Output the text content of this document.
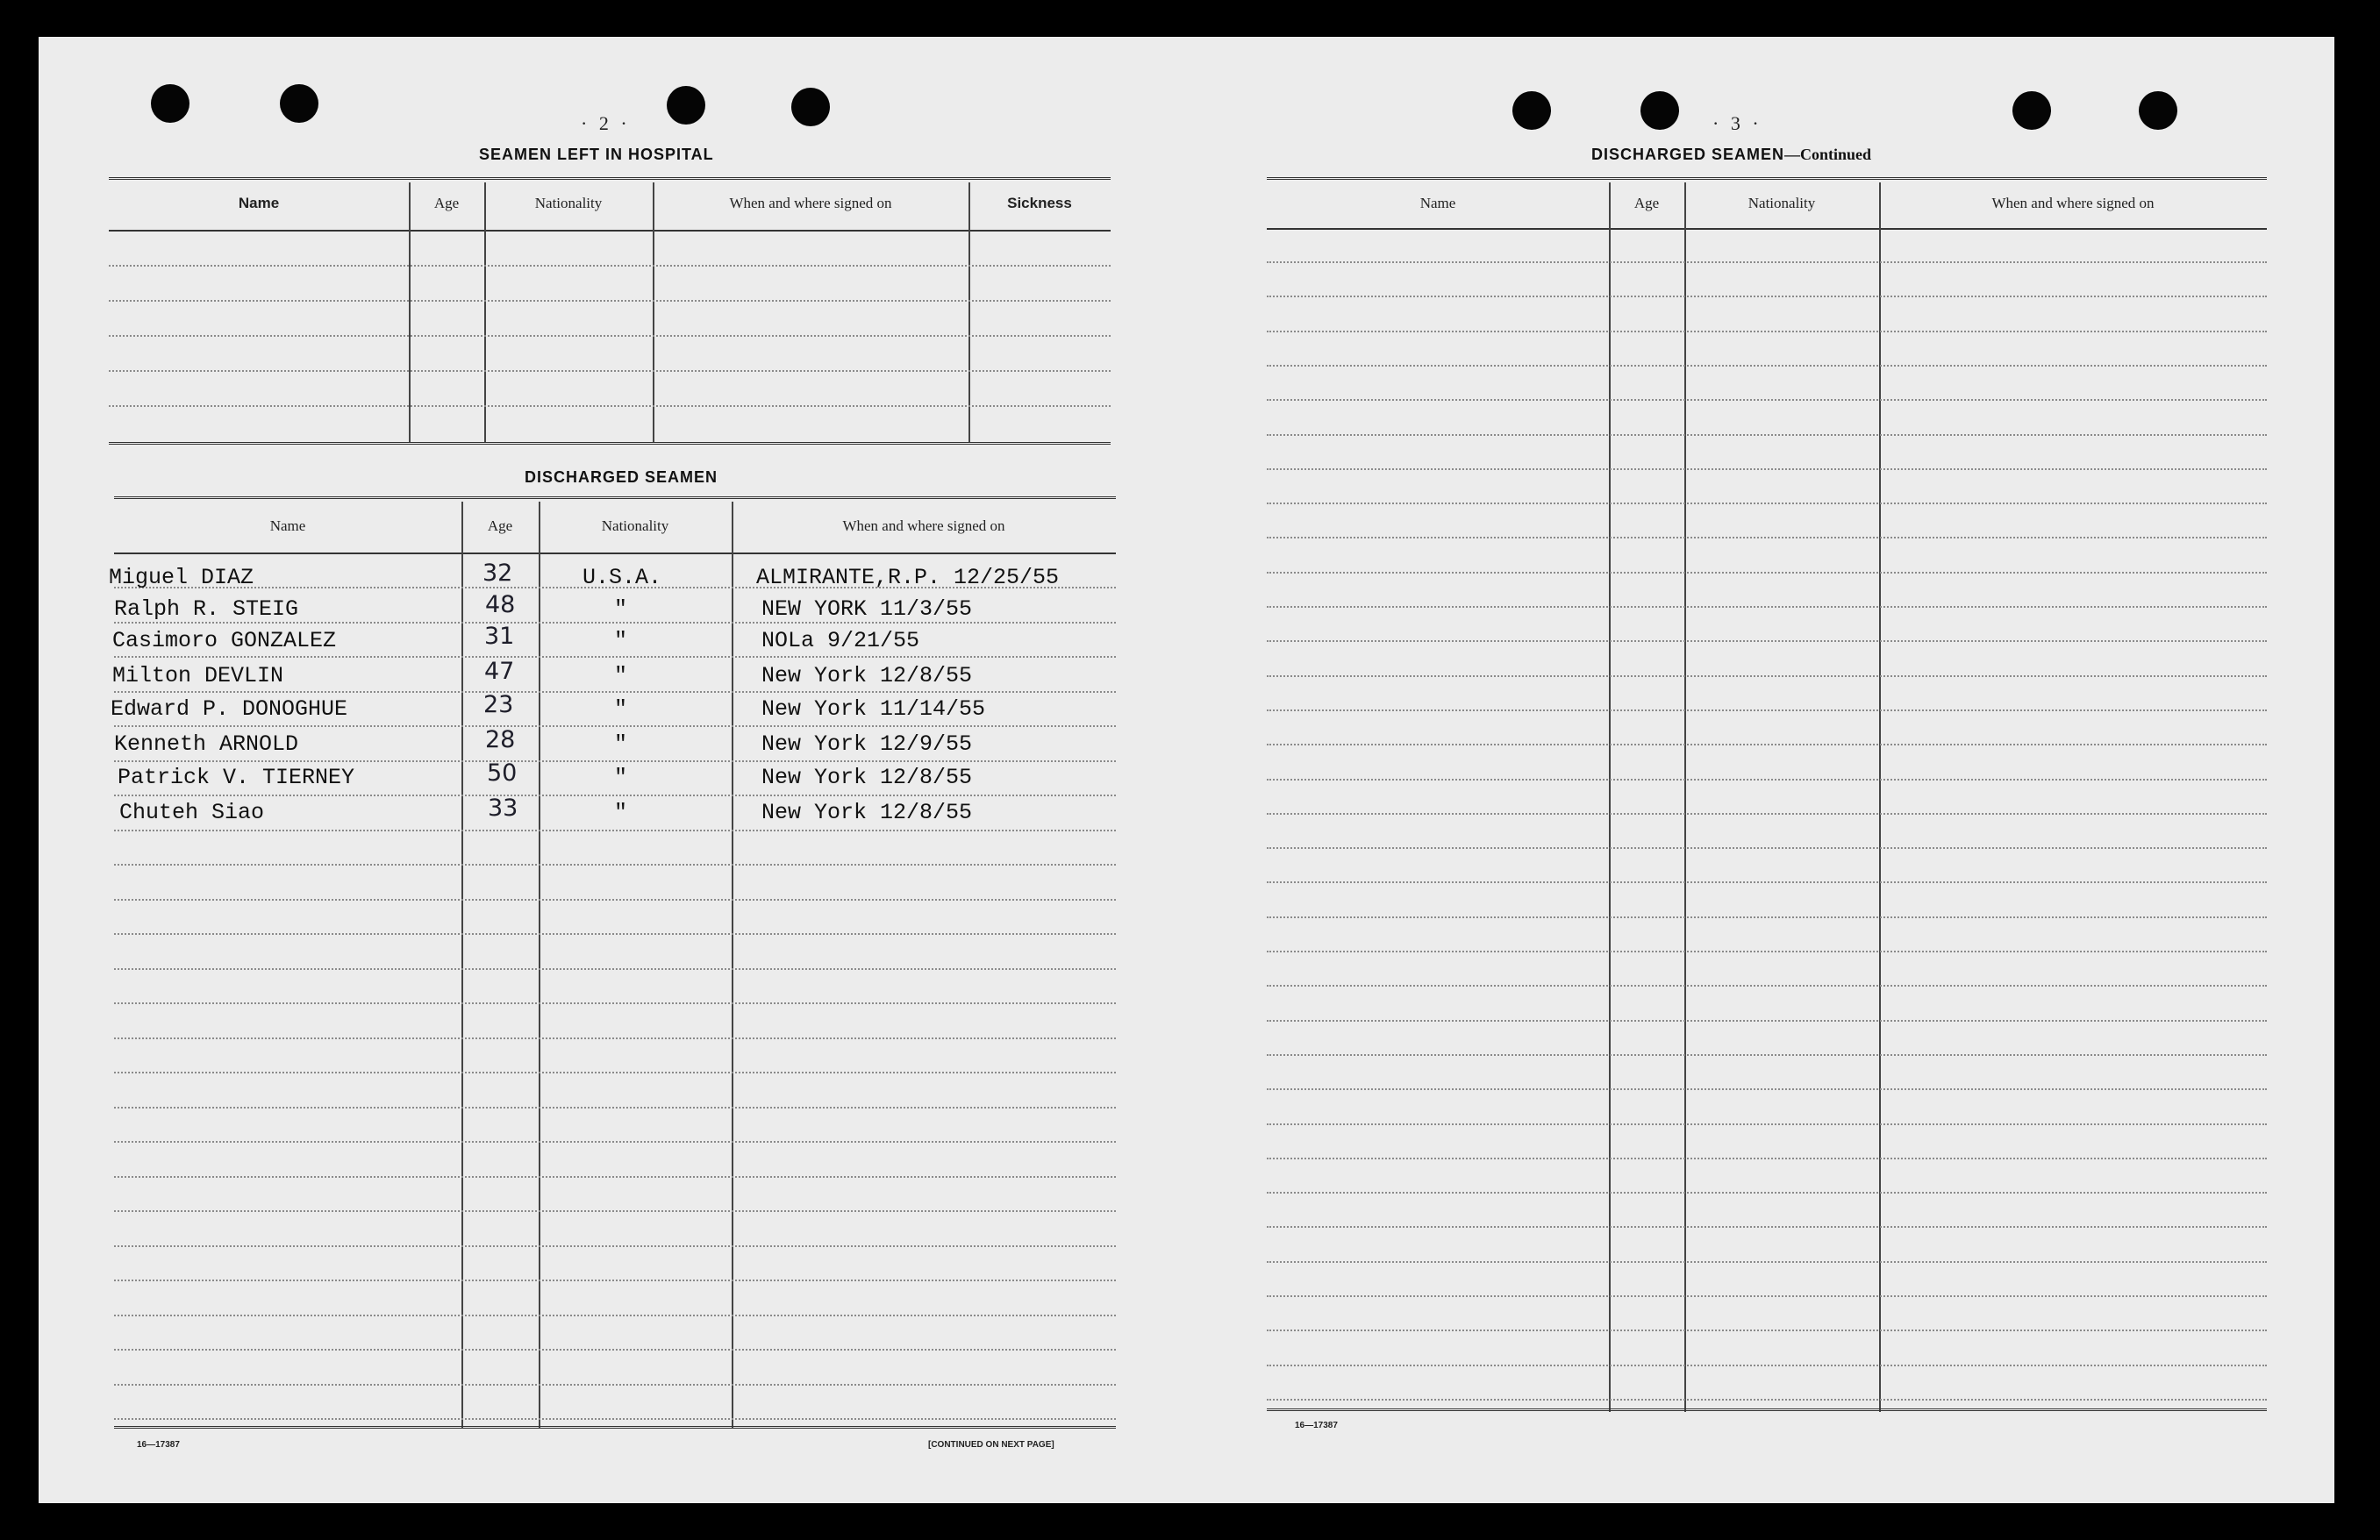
· 2 ·
SEAMEN LEFT IN HOSPITAL
Name	Age	Nationality	When and where signed on	Sickness
DISCHARGED SEAMEN
Name	Age	Nationality	When and where signed on
Miguel DIAZ	32	U.S.A.	ALMIRANTE,R.P. 12/25/55
Ralph R. STEIG	48	"	NEW YORK 11/3/55
Casimoro GONZALEZ	31	"	NOLa 9/21/55
Milton DEVLIN	47	"	New York 12/8/55
Edward P. DONOGHUE	23	"	New York 11/14/55
Kenneth ARNOLD	28	"	New York 12/9/55
Patrick V. TIERNEY	50	"	New York 12/8/55
Chuteh Siao	33	"	New York 12/8/55
16—17387	[CONTINUED ON NEXT PAGE]
· 3 ·
DISCHARGED SEAMEN—Continued
Name	Age	Nationality	When and where signed on
16—17387
